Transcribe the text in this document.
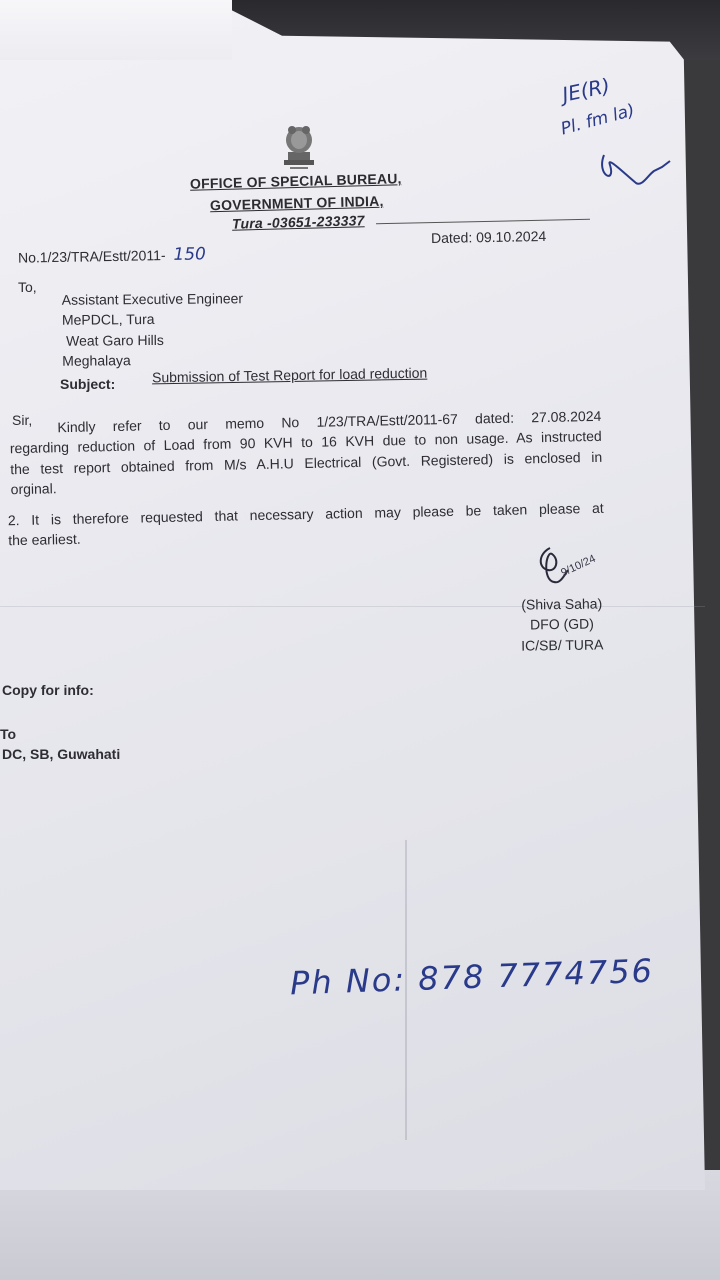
OFFICE OF SPECIAL BUREAU,
GOVERNMENT OF INDIA,
Tura -03651-233337
No.1/23/TRA/Estt/2011- 150
Dated: 09.10.2024
To,
Assistant Executive Engineer
MePDCL, Tura
Weat Garo Hills
Meghalaya
Subject:	Submission of Test Report for load reduction
Sir,	Kindly refer to our memo No 1/23/TRA/Estt/2011-67 dated: 27.08.2024
regarding reduction of Load from 90 KVH to 16 KVH due to non usage. As instructed
the test report obtained from M/s A.H.U Electrical (Govt. Registered) is enclosed in
orginal.
2. It is therefore requested that necessary action may please be taken please at
the earliest.
9/10/24
(Shiva Saha)
DFO (GD)
IC/SB/ TURA
Copy for info:
To
DC, SB, Guwahati
JE(R)
Pl. fm la)
Ph No: 878 7774756
